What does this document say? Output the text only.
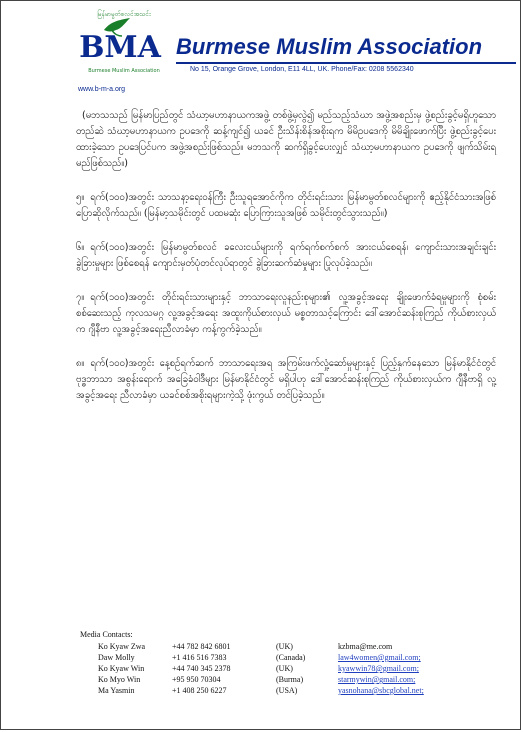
မြန်မာမွတ်စလင်အသင်း
BMA
Burmese Muslim Association
Burmese Muslim Association
No 15, Orange Grove, London, E11 4LL, UK. Phone/Fax: 0208 5562340
www.b-m-a.org

(မဘသသည် မြန်မာပြည်တွင် သံဃာ့မဟာနာယကအဖွဲ့ တစ်ဖွဲ့မှလွဲ၍ မည်သည့်သံဃာ အဖွဲ့အစည်းမှ ဖွဲ့စည်းခွင့်မရှိဟူသော တည်ဆဲ သံဃာ့မဟာနာယက ဥပဒေကို ဆန့်ကျင်၍ ယခင် ဦးသိန်းစိန်အစိုးရက မိမိဥပဒေကို မိမိချိုးဖောက်ပြီး ဖွဲ့စည်းခွင့်ပေးထားခဲ့သော ဥပဒေပြင်ပက အဖွဲ့အစည်းဖြစ်သည်။ မဘသကို ဆက်ရှိခွင့်ပေးလျှင် သံဃာ့မဟာနာယက ဥပဒေကို ဖျက်သိမ်းရမည်ဖြစ်သည်။)

၅။ ရက်(၁၀၀)အတွင်း သာသနာ့ရေးဝန်ကြီး ဦးသူရအောင်ကိုက တိုင်းရင်းသား မြန်မာမွတ်စလင်များကို ဧည့်နိုင်ငံသားအဖြစ် ပြောဆိုလိုက်သည်။ (မြန်မာ့သမိုင်းတွင် ပထမဆုံး ပြောကြားသူအဖြစ် သမိုင်းတွင်သွားသည်။)

၆။ ရက်(၁၀၀)အတွင်း မြန်မာမွတ်စလင် ခလေးငယ်များကို ရက်ရက်စက်စက် အားငယ်စေရန်၊ ကျောင်းသားအချင်းချင်း ခွဲခြားမှုများ ဖြစ်စေရန် ကျောင်းမှတ်ပုံတင်လုပ်ရာတွင် ခွဲခြားဆက်ဆံမှုများ ပြုလုပ်ခဲ့သည်။

၇။ ရက်(၁၀၀)အတွင်း တိုင်းရင်းသားများနှင့် ဘာသာရေးလူနည်းစုများ၏ လူ့အခွင့်အရေး ချိုးဖောက်ခံရမှုများကို စုံစမ်းစစ်ဆေးသည့် ကုလသမဂ္ဂ လူ့အခွင့်အရေး အထူးကိုယ်စားလှယ် မစ္စတာသင့်ကြောင်း ဒေါ်အောင်ဆန်းစုကြည် ကိုယ်စားလှယ်က ဂျီနီဗာ လူ့အခွင့်အရေးညီလာခံမှာ ကန့်ကွက်ခဲ့သည်။

၈။ ရက်(၁၀၀)အတွင်း နေ့စဉ်ရက်ဆက် ဘာသာရေးအရ အကြမ်းဖက်လှုံ့ဆော်မှုများနှင့် ပြည့်နှက်နေသော မြန်မာနိုင်ငံတွင် ဗုဒ္ဓဘာသာ အစွန်းရောက် အခြေခံဝါဒီများ မြန်မာနိုင်ငံတွင် မရှိပါဟု ဒေါ်အောင်ဆန်းစုကြည် ကိုယ်စားလှယ်က ဂျီနီဗာရှိ လူ့အခွင့်အရေး ညီလာခံမှာ ယခင်စစ်အစိုးရများကဲ့သို့ ဖုံးကွယ် တင်ပြခဲ့သည်။

Media Contacts:
Ko Kyaw Zwa	+44 782 842 6801	(UK)	kzbma@me.com
Daw Molly	+1 416 516 7383	(Canada)	law4women@gmail.com;
Ko Kyaw Win	+44 740 345 2378	(UK)	kyawwin78@gmail.com;
Ko Myo Win	+95 950 70304	(Burma)	starmywin@gmail.com;
Ma Yasmin	+1 408 250 6227	(USA)	yasnohana@sbcglobal.net;
